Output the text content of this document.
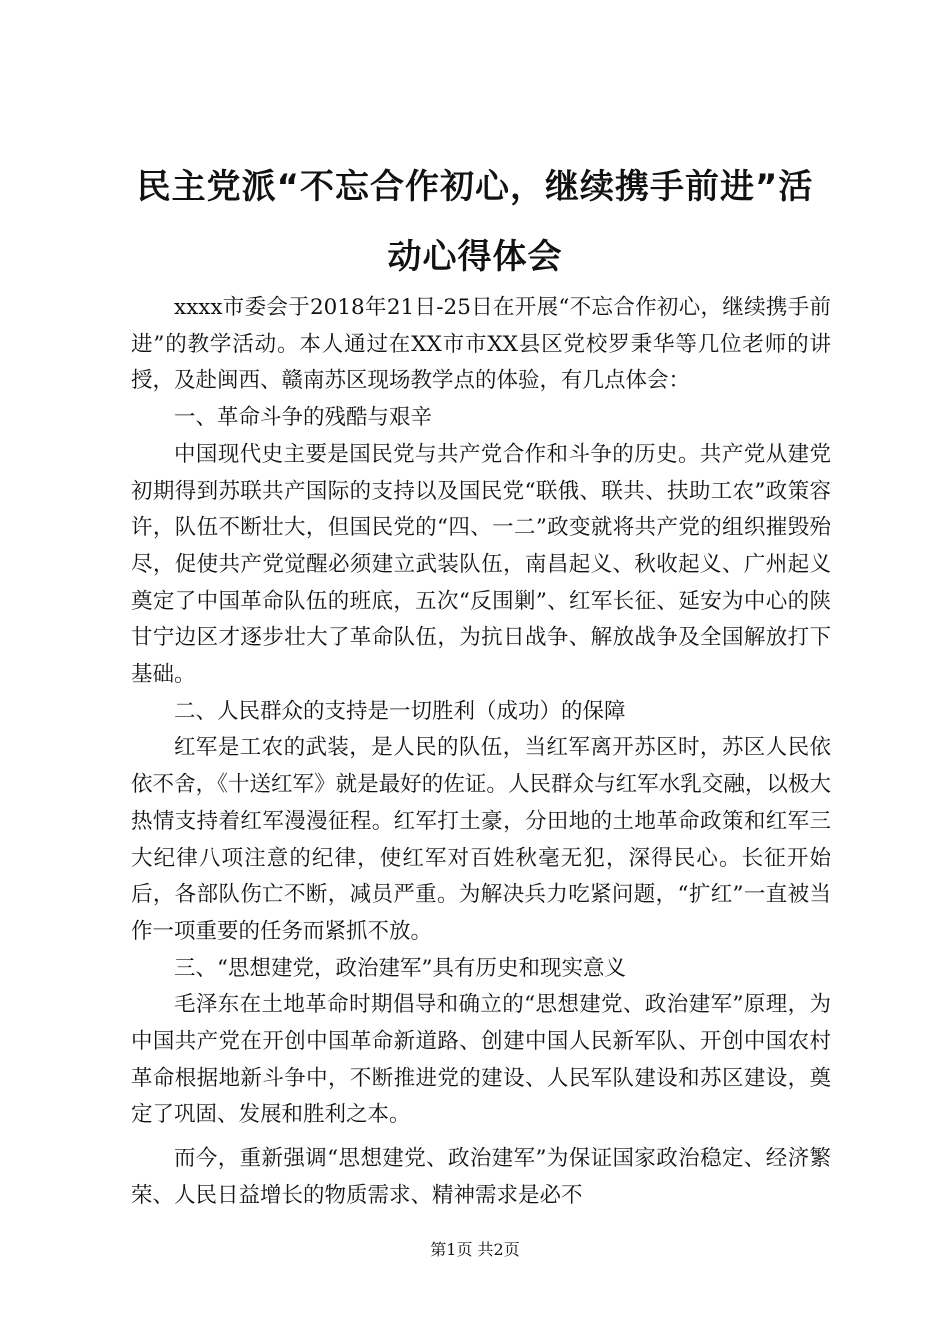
民主党派“不忘合作初心，继续携手前进”活
动心得体会

xxxx市委会于2018年21日-25日在开展“不忘合作初心，继续携手前进”的教学活动。本人通过在XX市市XX县区党校罗秉华等几位老师的讲授，及赴闽西、赣南苏区现场教学点的体验，有几点体会：

一、革命斗争的残酷与艰辛

中国现代史主要是国民党与共产党合作和斗争的历史。共产党从建党初期得到苏联共产国际的支持以及国民党“联俄、联共、扶助工农”政策容许，队伍不断壮大，但国民党的“四、一二”政变就将共产党的组织摧毁殆尽，促使共产党觉醒必须建立武装队伍，南昌起义、秋收起义、广州起义奠定了中国革命队伍的班底，五次“反围剿”、红军长征、延安为中心的陕甘宁边区才逐步壮大了革命队伍，为抗日战争、解放战争及全国解放打下基础。

二、人民群众的支持是一切胜利（成功）的保障

红军是工农的武装，是人民的队伍，当红军离开苏区时，苏区人民依依不舍，《十送红军》就是最好的佐证。人民群众与红军水乳交融，以极大热情支持着红军漫漫征程。红军打土豪，分田地的土地革命政策和红军三大纪律八项注意的纪律，使红军对百姓秋毫无犯，深得民心。长征开始后，各部队伤亡不断，减员严重。为解决兵力吃紧问题，“扩红”一直被当作一项重要的任务而紧抓不放。

三、“思想建党，政治建军”具有历史和现实意义

毛泽东在土地革命时期倡导和确立的“思想建党、政治建军”原理，为中国共产党在开创中国革命新道路、创建中国人民新军队、开创中国农村革命根据地新斗争中，不断推进党的建设、人民军队建设和苏区建设，奠定了巩固、发展和胜利之本。

而今，重新强调“思想建党、政治建军”为保证国家政治稳定、经济繁荣、人民日益增长的物质需求、精神需求是必不

第1页 共2页
